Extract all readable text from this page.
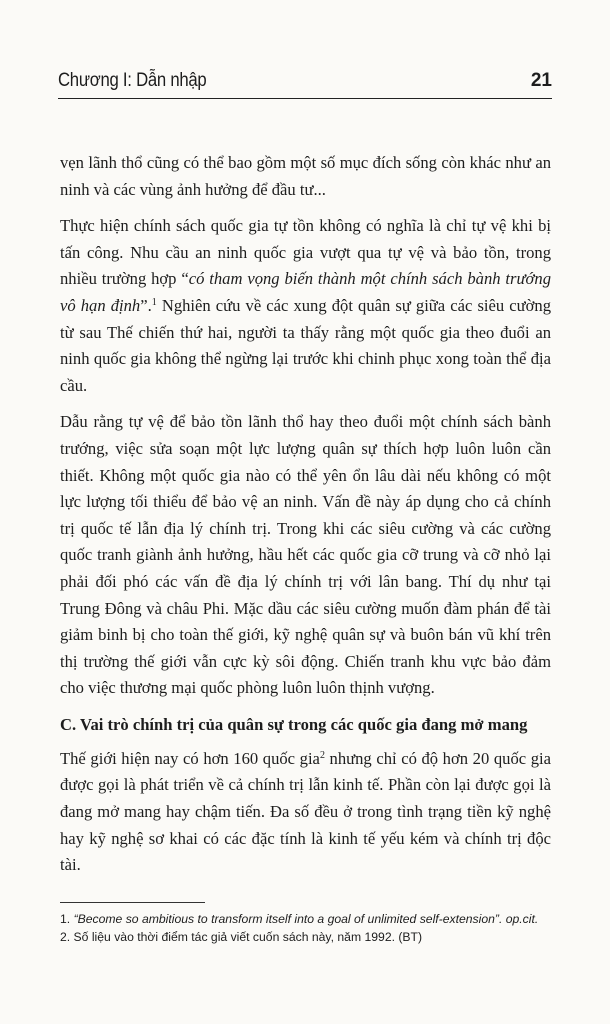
Chương I: Dẫn nhập	21

vẹn lãnh thổ cũng có thể bao gồm một số mục đích sống còn khác như an ninh và các vùng ảnh hưởng để đầu tư...

Thực hiện chính sách quốc gia tự tồn không có nghĩa là chỉ tự vệ khi bị tấn công. Nhu cầu an ninh quốc gia vượt qua tự vệ và bảo tồn, trong nhiều trường hợp “có tham vọng biến thành một chính sách bành trướng vô hạn định”.$^1$ Nghiên cứu về các xung đột quân sự giữa các siêu cường từ sau Thế chiến thứ hai, người ta thấy rằng một quốc gia theo đuổi an ninh quốc gia không thể ngừng lại trước khi chinh phục xong toàn thể địa cầu.

Dẫu rằng tự vệ để bảo tồn lãnh thổ hay theo đuổi một chính sách bành trướng, việc sửa soạn một lực lượng quân sự thích hợp luôn luôn cần thiết. Không một quốc gia nào có thể yên ổn lâu dài nếu không có một lực lượng tối thiểu để bảo vệ an ninh. Vấn đề này áp dụng cho cả chính trị quốc tế lẫn địa lý chính trị. Trong khi các siêu cường và các cường quốc tranh giành ảnh hưởng, hầu hết các quốc gia cỡ trung và cỡ nhỏ lại phải đối phó các vấn đề địa lý chính trị với lân bang. Thí dụ như tại Trung Đông và châu Phi. Mặc dầu các siêu cường muốn đàm phán để tài giảm binh bị cho toàn thế giới, kỹ nghệ quân sự và buôn bán vũ khí trên thị trường thế giới vẫn cực kỳ sôi động. Chiến tranh khu vực bảo đảm cho việc thương mại quốc phòng luôn luôn thịnh vượng.

C. Vai trò chính trị của quân sự trong các quốc gia đang mở mang

Thế giới hiện nay có hơn 160 quốc gia$^2$ nhưng chỉ có độ hơn 20 quốc gia được gọi là phát triển về cả chính trị lẫn kinh tế. Phần còn lại được gọi là đang mở mang hay chậm tiến. Đa số đều ở trong tình trạng tiền kỹ nghệ hay kỹ nghệ sơ khai có các đặc tính là kinh tế yếu kém và chính trị độc tài.

1. “Become so ambitious to transform itself into a goal of unlimited self-extension”. op.cit.

2. Số liệu vào thời điểm tác giả viết cuốn sách này, năm 1992. (BT)
